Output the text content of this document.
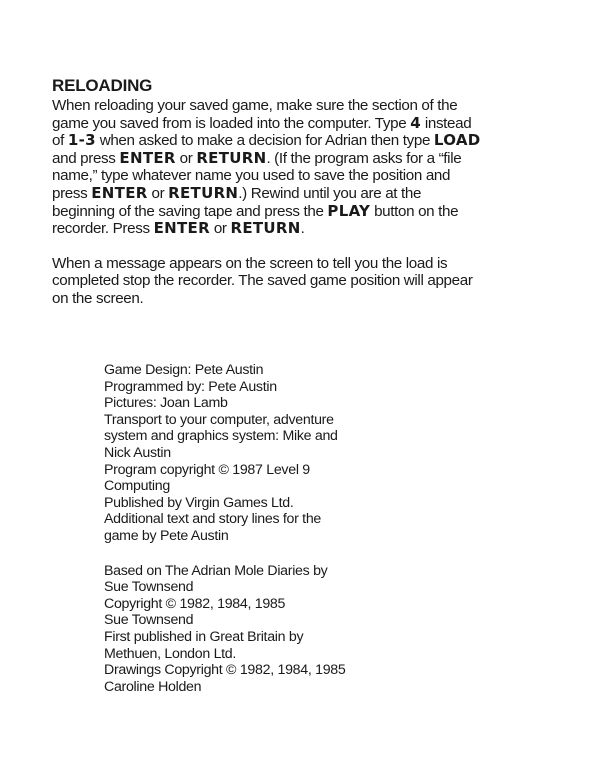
RELOADING
When reloading your saved game, make sure the section of the
game you saved from is loaded into the computer. Type 4 instead
of 1-3 when asked to make a decision for Adrian then type LOAD
and press ENTER or RETURN. (If the program asks for a “file
name,” type whatever name you used to save the position and
press ENTER or RETURN.) Rewind until you are at the
beginning of the saving tape and press the PLAY button on the
recorder. Press ENTER or RETURN.
When a message appears on the screen to tell you the load is
completed stop the recorder. The saved game position will appear
on the screen.
Game Design: Pete Austin
Programmed by: Pete Austin
Pictures: Joan Lamb
Transport to your computer, adventure
system and graphics system: Mike and
Nick Austin
Program copyright © 1987 Level 9
Computing
Published by Virgin Games Ltd.
Additional text and story lines for the
game by Pete Austin
Based on The Adrian Mole Diaries by
Sue Townsend
Copyright © 1982, 1984, 1985
Sue Townsend
First published in Great Britain by
Methuen, London Ltd.
Drawings Copyright © 1982, 1984, 1985
Caroline Holden
